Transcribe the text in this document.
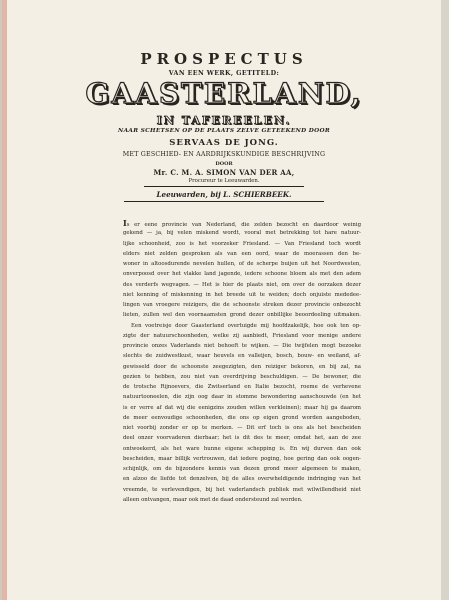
PROSPECTUS
VAN EEN WERK, GETITELD:
GAASTERLAND,
IN TAFEREELEN.
NAAR SCHETSEN OP DE PLAATS ZELVE GETEEKEND DOOR
SERVAAS DE JONG.
MET GESCHIED- EN AARDRIJKSKUNDIGE BESCHRIJVING
DOOR
Mr. C. M. A. SIMON VAN DER AA,
Procureur te Leeuwarden.
Leeuwarden, bij L. SCHIERBEEK.
Is er eene provincie van Nederland, die zelden bezocht en daardoor weinig
gekend — ja, bij velen miskend wordt, vooral met betrekking tot hare natuur-
lijke schoonheid, zoo is het voorzeker Friesland. — Van Friesland toch wordt
elders niet zelden gesproken als van een oord, waar de moerassen den be-
woner in altoosdurende nevelen hullen, of de scherpe buijen uit het Noordwesten,
onverpoosd over het vlakke land jagende, iedere schoone bloem als met den adem
des verderfs wegvagen. — Het is hier de plaats niet, om over de oorzaken dezer
niet kenning of miskenning in het breede uit te weiden; doch onjuiste mededee-
lingen van vroegere reizigers, die de schoonste streken dezer provincie onbezocht
lieten, zullen wel den voornaamsten grond dezer onbillijke beoordeeling uitmaken.
Een voetreisje door Gaasterland overtuigde mij hoofdzakelijk, hoe ook ten op-
zigte der natuurschoonheden, welke zij aanbiedt, Friesland voor menige andere
provincie onzes Vaderlands niet behoeft te wijken. — Die twijfelen mogt bezoeke
slechts de zuidwestkust, waar heuvels en valleijen, bosch, bouw- en weiland, af-
gewisseld door de schoonste zeegezigten, den reiziger bekoren, en bij zal, na
gezien te hebben, zou niet van overdrijving beschuldigen. — De bewoner, die
de trotsche Rijnoevers, die Zwitserland en Italie bezocht, roeme de verhevene
natuurtooneelen, die zijn oog daar in stomme bewondering aanschouwde (en het
is er verre af dat wij die eenigzins zouden willen verkleinen); maar hij ga daarom
de meer eenvoudige schoonheden, die ons op eigen grond worden aangeboden,
niet voorbij zonder er op te merken. — Dit erf toch is ons als het bescheiden
deel onzer voorvaderen dierbaar; het is dit des te meer, omdat het, aan de zee
ontwoekerd, als het ware hunne eigene schepping is. En wij durven dan ook
bescheiden, maar billijk vertrouwen, dat iedere poging, hoe gering dan ook oogen-
schijnlijk, om de bijzondere kennis van dezen grond meer algemeen te maken,
en alzoo de liefde tot denzelven, bij de alles overwheldigende indringing van het
vreemde, te verlevendigen, bij het vaderlandsch publiek met wilwillendheid niet
alleen ontvangen, maar ook met de daad ondersteund zal worden.
